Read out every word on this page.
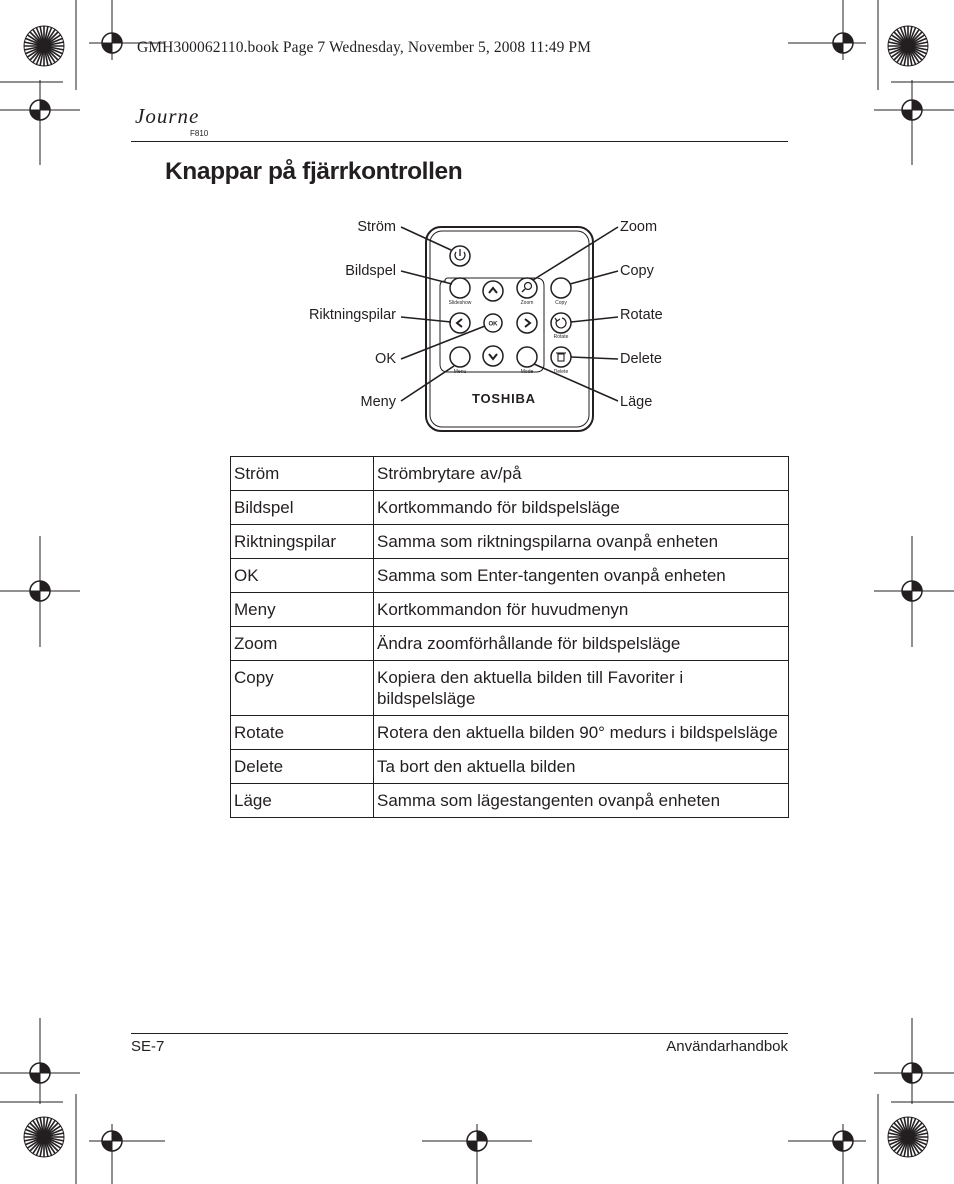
GMH300062110.book Page 7 Wednesday, November 5, 2008 11:49 PM
Journe
F810
Knappar på fjärrkontrollen
OK
Slideshow	Zoom	Copy
Rotate
Menu	Mode	Delete
TOSHIBA
Ström
Bildspel
Riktningspilar
OK
Meny
Zoom
Copy
Rotate
Delete
Läge
Ström	Strömbrytare av/på
Bildspel	Kortkommando för bildspelsläge
Riktningspilar	Samma som riktningspilarna ovanpå enheten
OK	Samma som Enter-tangenten ovanpå enheten
Meny	Kortkommandon för huvudmenyn
Zoom	Ändra zoomförhållande för bildspelsläge
Copy	Kopiera den aktuella bilden till Favoriter i bildspelsläge
Rotate	Rotera den aktuella bilden 90° medurs i bildspelsläge
Delete	Ta bort den aktuella bilden
Läge	Samma som lägestangenten ovanpå enheten
SE-7	Användarhandbok
